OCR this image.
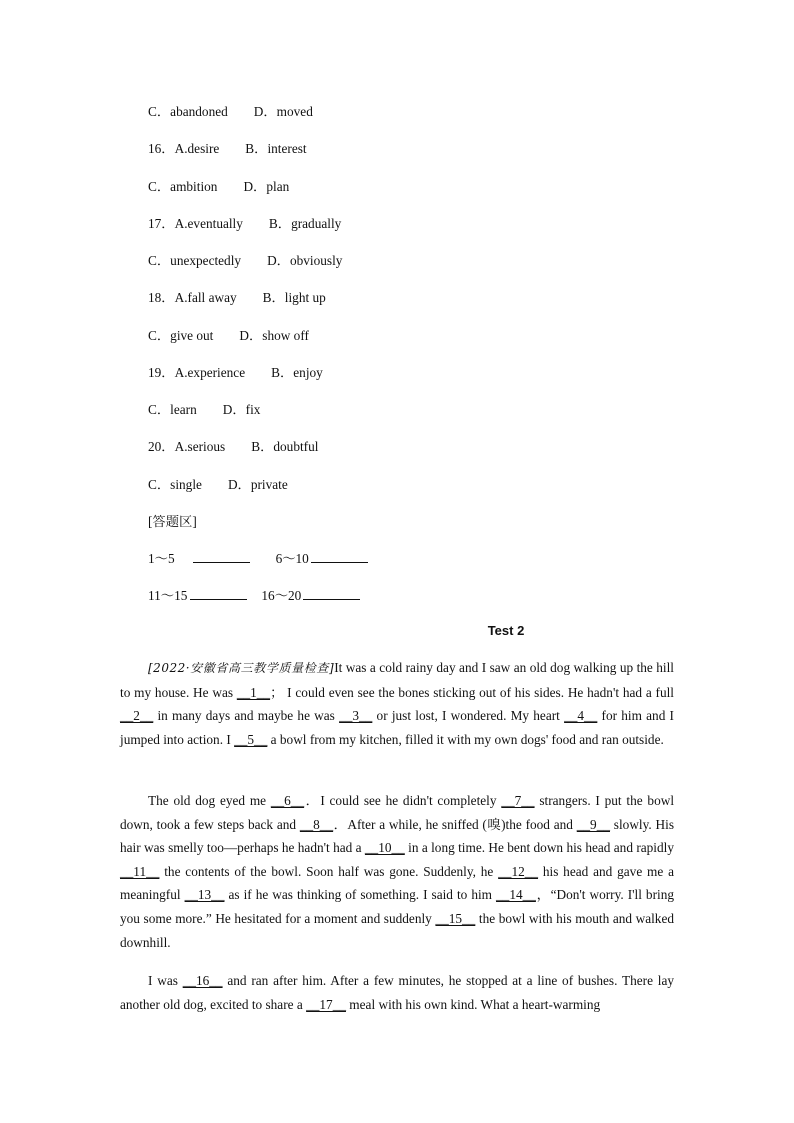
C．abandoned D．moved
16．A.desire B．interest
C．ambition D．plan
17．A.eventually B．gradually
C．unexpectedly D．obviously
18．A.fall away B．light up
C．give out D．show off
19．A.experience B．enjoy
C．learn D．fix
20．A.serious B．doubtful
C．single D．private
[答题区]
1～5	6～10
11～15	16～20
Test 2
[2022·安徽省高三教学质量检查]It was a cold rainy day and I saw an old dog walking up the hill to my house. He was __1__； I could even see the bones sticking out of his sides. He hadn't had a full __2__ in many days and maybe he was __3__ or just lost, I wondered. My heart __4__ for him and I jumped into action. I __5__ a bowl from my kitchen, filled it with my own dogs' food and ran outside.
The old dog eyed me __6__．I could see he didn't completely __7__ strangers. I put the bowl down, took a few steps back and __8__．After a while, he sniffed (嗅)the food and __9__ slowly. His hair was smelly too—perhaps he hadn't had a __10__ in a long time. He bent down his head and rapidly __11__ the contents of the bowl. Soon half was gone. Suddenly, he __12__ his head and gave me a meaningful __13__ as if he was thinking of something. I said to him __14__，“Don't worry. I'll bring you some more.” He hesitated for a moment and suddenly __15__ the bowl with his mouth and walked downhill.
I was __16__ and ran after him. After a few minutes, he stopped at a line of bushes. There lay another old dog, excited to share a __17__ meal with his own kind. What a heart-warming
